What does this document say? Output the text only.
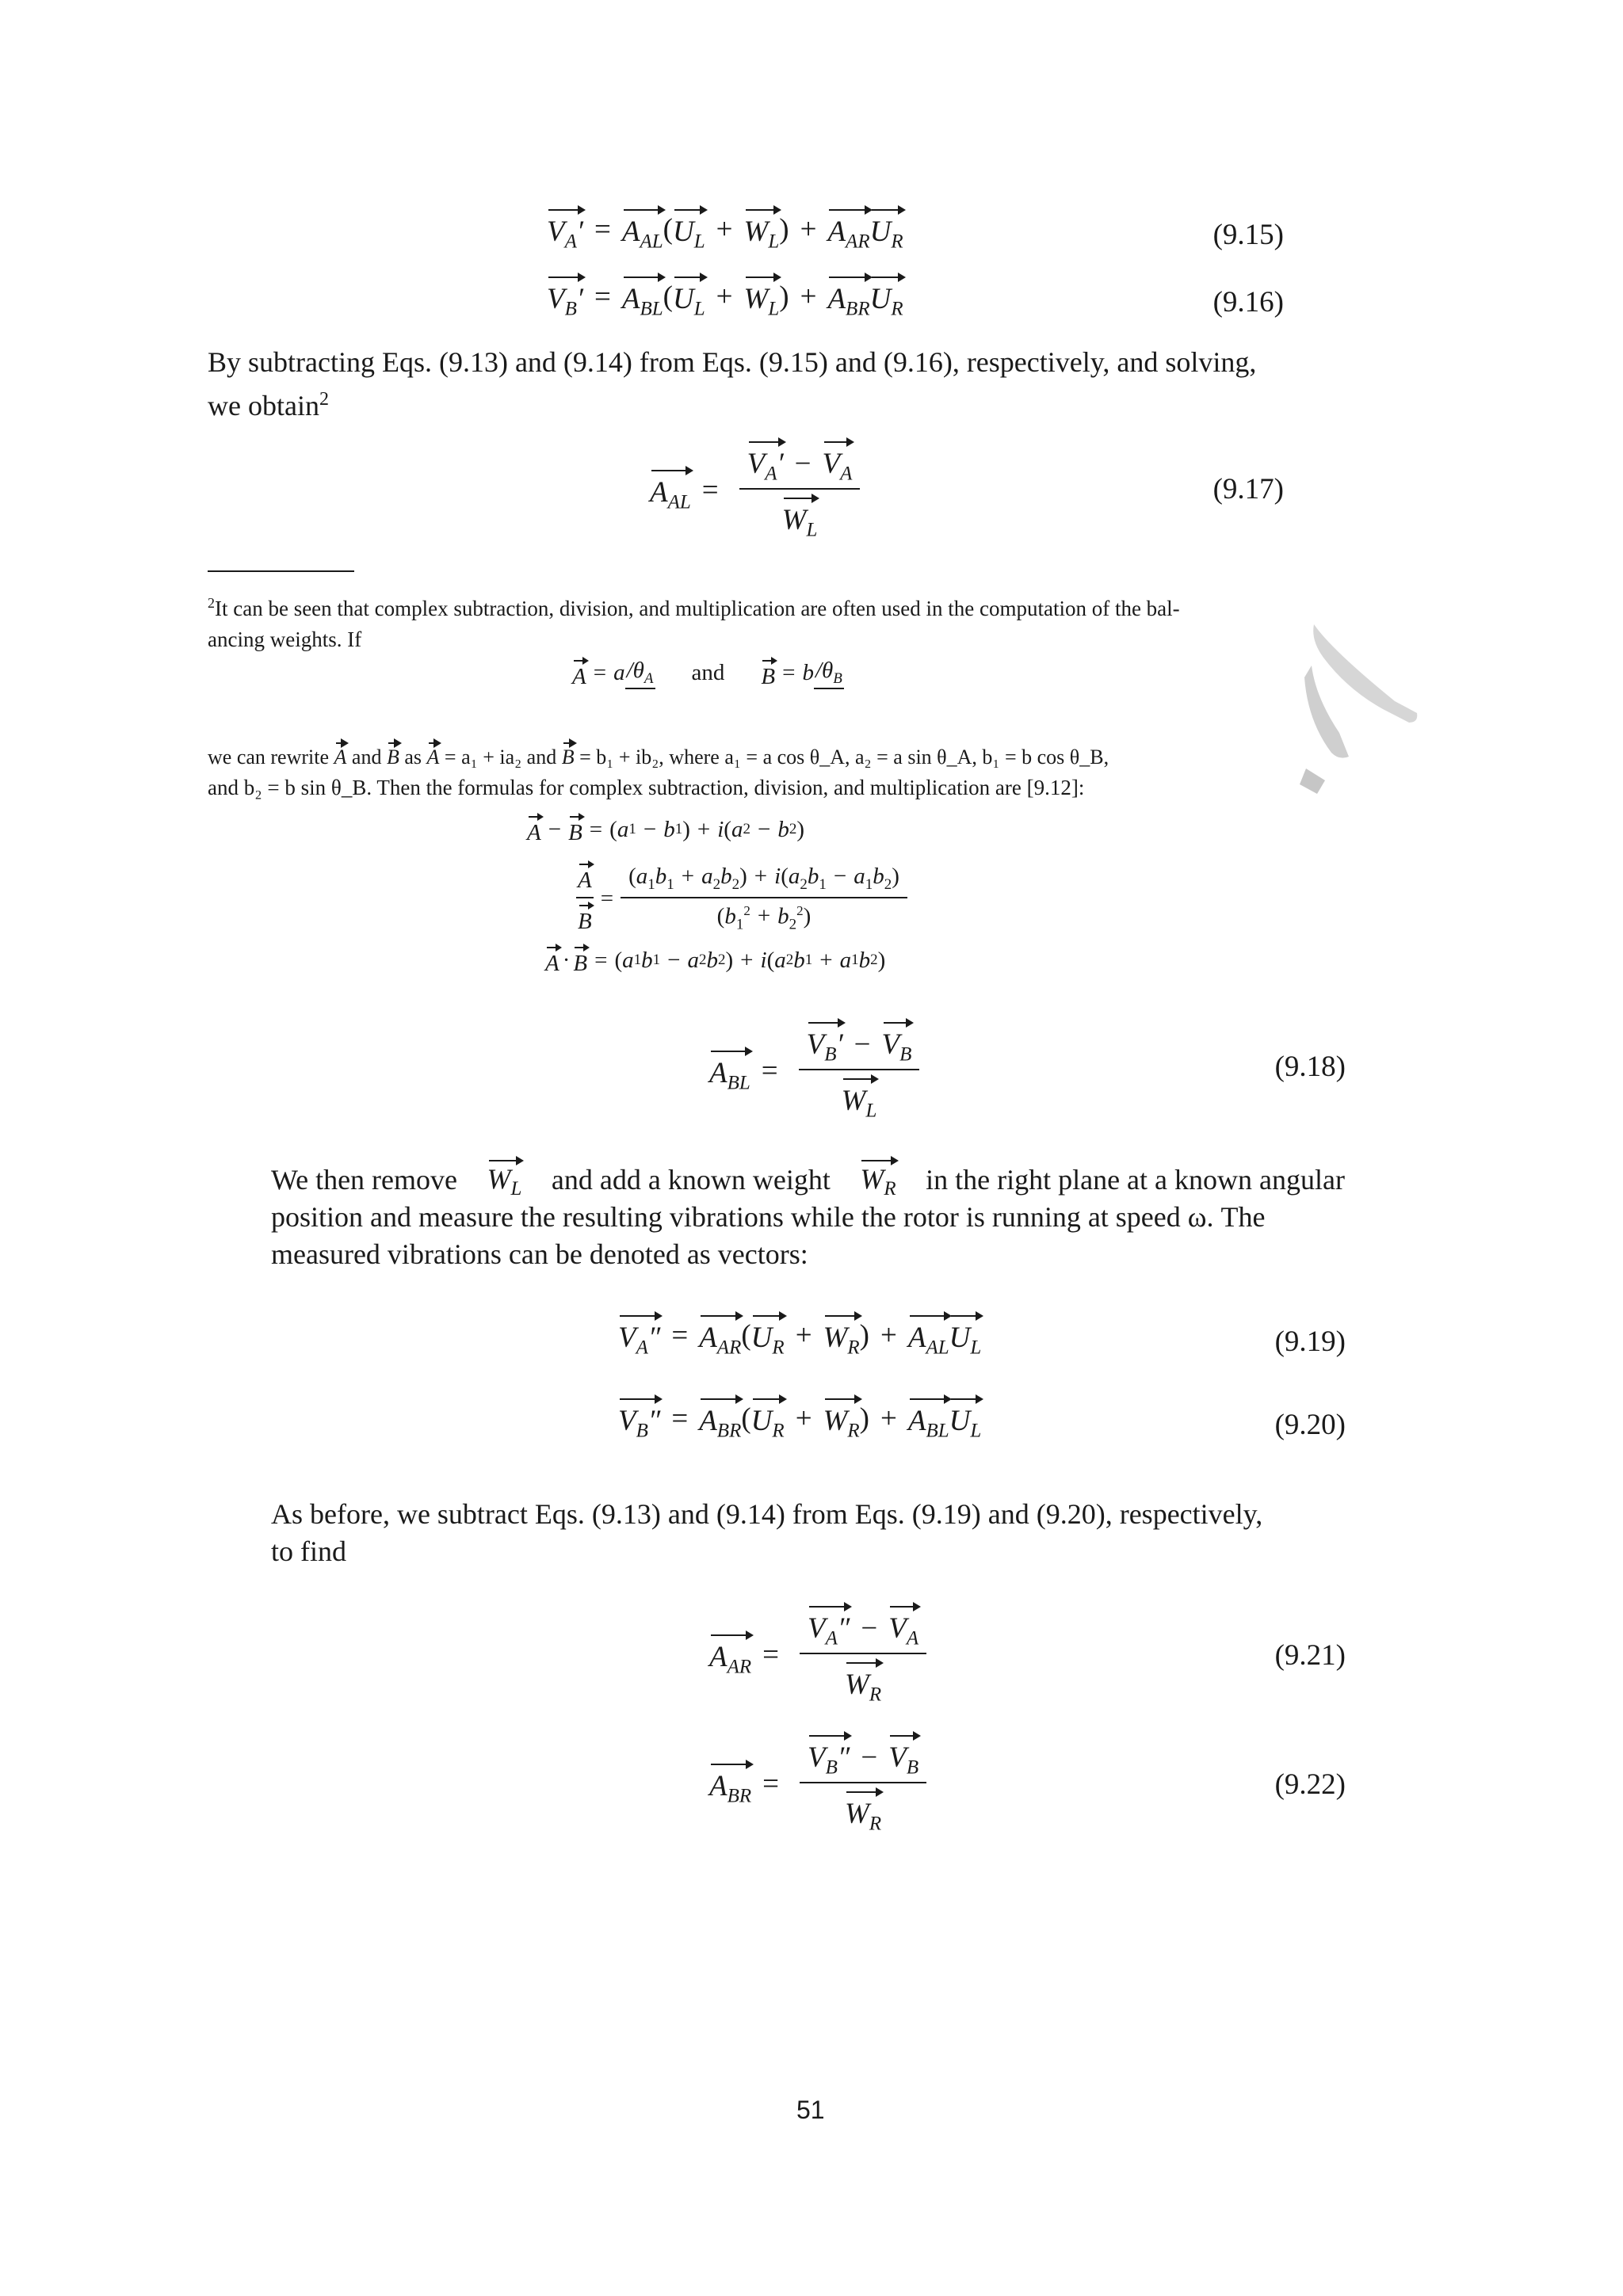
$V_A' = A_{AL}$ ( $U_L + W_L$ ) + $A_{AR}$ $U_R$	(9.15)
$V_B' = A_{BL}$ ( $U_L + W_L$ ) + $A_{BR}$ $U_R$	(9.16)
By subtracting Eqs. (9.13) and (9.14) from Eqs. (9.15) and (9.16), respectively, and solving,
we obtain$^2$
$A_{AL} = \frac{V_A' - V_A}{W_L}$	(9.17)
$^2$It can be seen that complex subtraction, division, and multiplication are often used in the computation of the bal-
ancing weights. If
A = a $/\theta_A$ and B = b $/\theta_B$
we can rewrite A and B as A = a₁ + ia₂ and B = b₁ + ib₂, where a₁ = a cos θ_A, a₂ = a sin θ_A, b₁ = b cos θ_B,
and b₂ = b sin θ_B. Then the formulas for complex subtraction, division, and multiplication are [9.12]:
A − B = ( a 1 − b 1 ) + i ( a 2 − b 2 )
$\frac{A}{B} = \frac{(a_1b_1 + a_2b_2) + i(a_2b_1 - a_1b_2)}{(b_1^2 + b_2^2)}$
A · B = ( a 1 b 1 − a 2 b 2 ) + i ( a 2 b 1 + a 1 b 2 )
$A_{BL} = \frac{V_B' - V_B}{W_L}$	(9.18)
We then remove $W_L$ and add a known weight $W_R$ in the right plane at a known angular
position and measure the resulting vibrations while the rotor is running at speed ω. The
measured vibrations can be denoted as vectors:
$V_A'' = A_{AR}$ ( $U_R + W_R$ ) + $A_{AL}$ $U_L$	(9.19)
$V_B'' = A_{BR}$ ( $U_R + W_R$ ) + $A_{BL}$ $U_L$	(9.20)
As before, we subtract Eqs. (9.13) and (9.14) from Eqs. (9.19) and (9.20), respectively,
to find
$A_{AR} = \frac{V_A'' - V_A}{W_R}$	(9.21)
$A_{BR} = \frac{V_B'' - V_B}{W_R}$	(9.22)
51
